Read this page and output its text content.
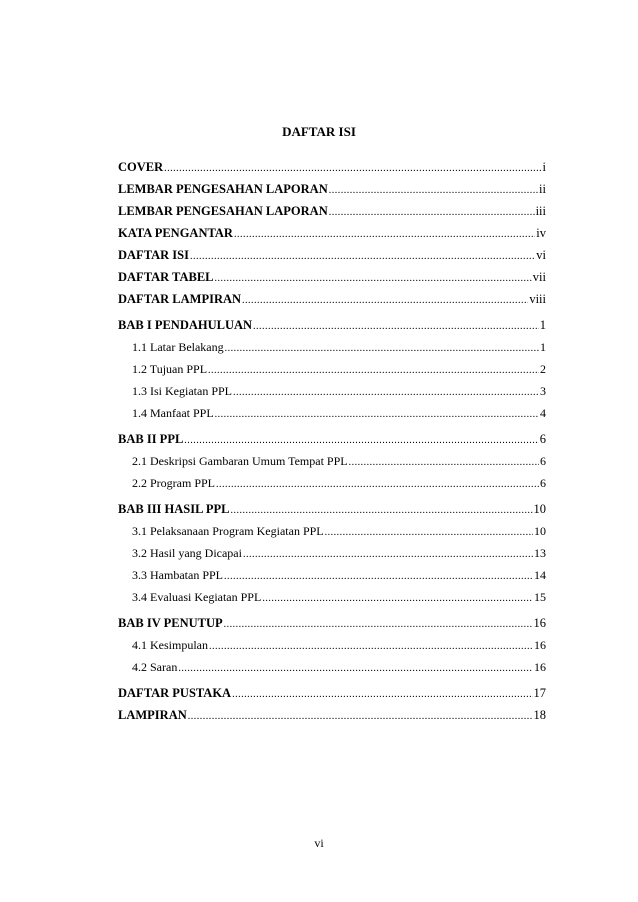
DAFTAR ISI
COVER .....	i
LEMBAR PENGESAHAN LAPORAN .....	ii
LEMBAR PENGESAHAN LAPORAN .....	iii
KATA PENGANTAR .....	iv
DAFTAR ISI .....	vi
DAFTAR TABEL .....	vii
DAFTAR LAMPIRAN .....	viii
BAB I PENDAHULUAN .....	1
1.1 Latar Belakang .....	1
1.2 Tujuan PPL .....	2
1.3 Isi Kegiatan PPL .....	3
1.4 Manfaat PPL .....	4
BAB II PPL .....	6
2.1 Deskripsi Gambaran Umum Tempat PPL .....	6
2.2 Program PPL .....	6
BAB III HASIL PPL .....	10
3.1 Pelaksanaan Program Kegiatan PPL .....	10
3.2 Hasil yang Dicapai .....	13
3.3 Hambatan PPL .....	14
3.4 Evaluasi Kegiatan PPL .....	15
BAB IV PENUTUP .....	16
4.1 Kesimpulan .....	16
4.2 Saran .....	16
DAFTAR PUSTAKA .....	17
LAMPIRAN .....	18
vi
